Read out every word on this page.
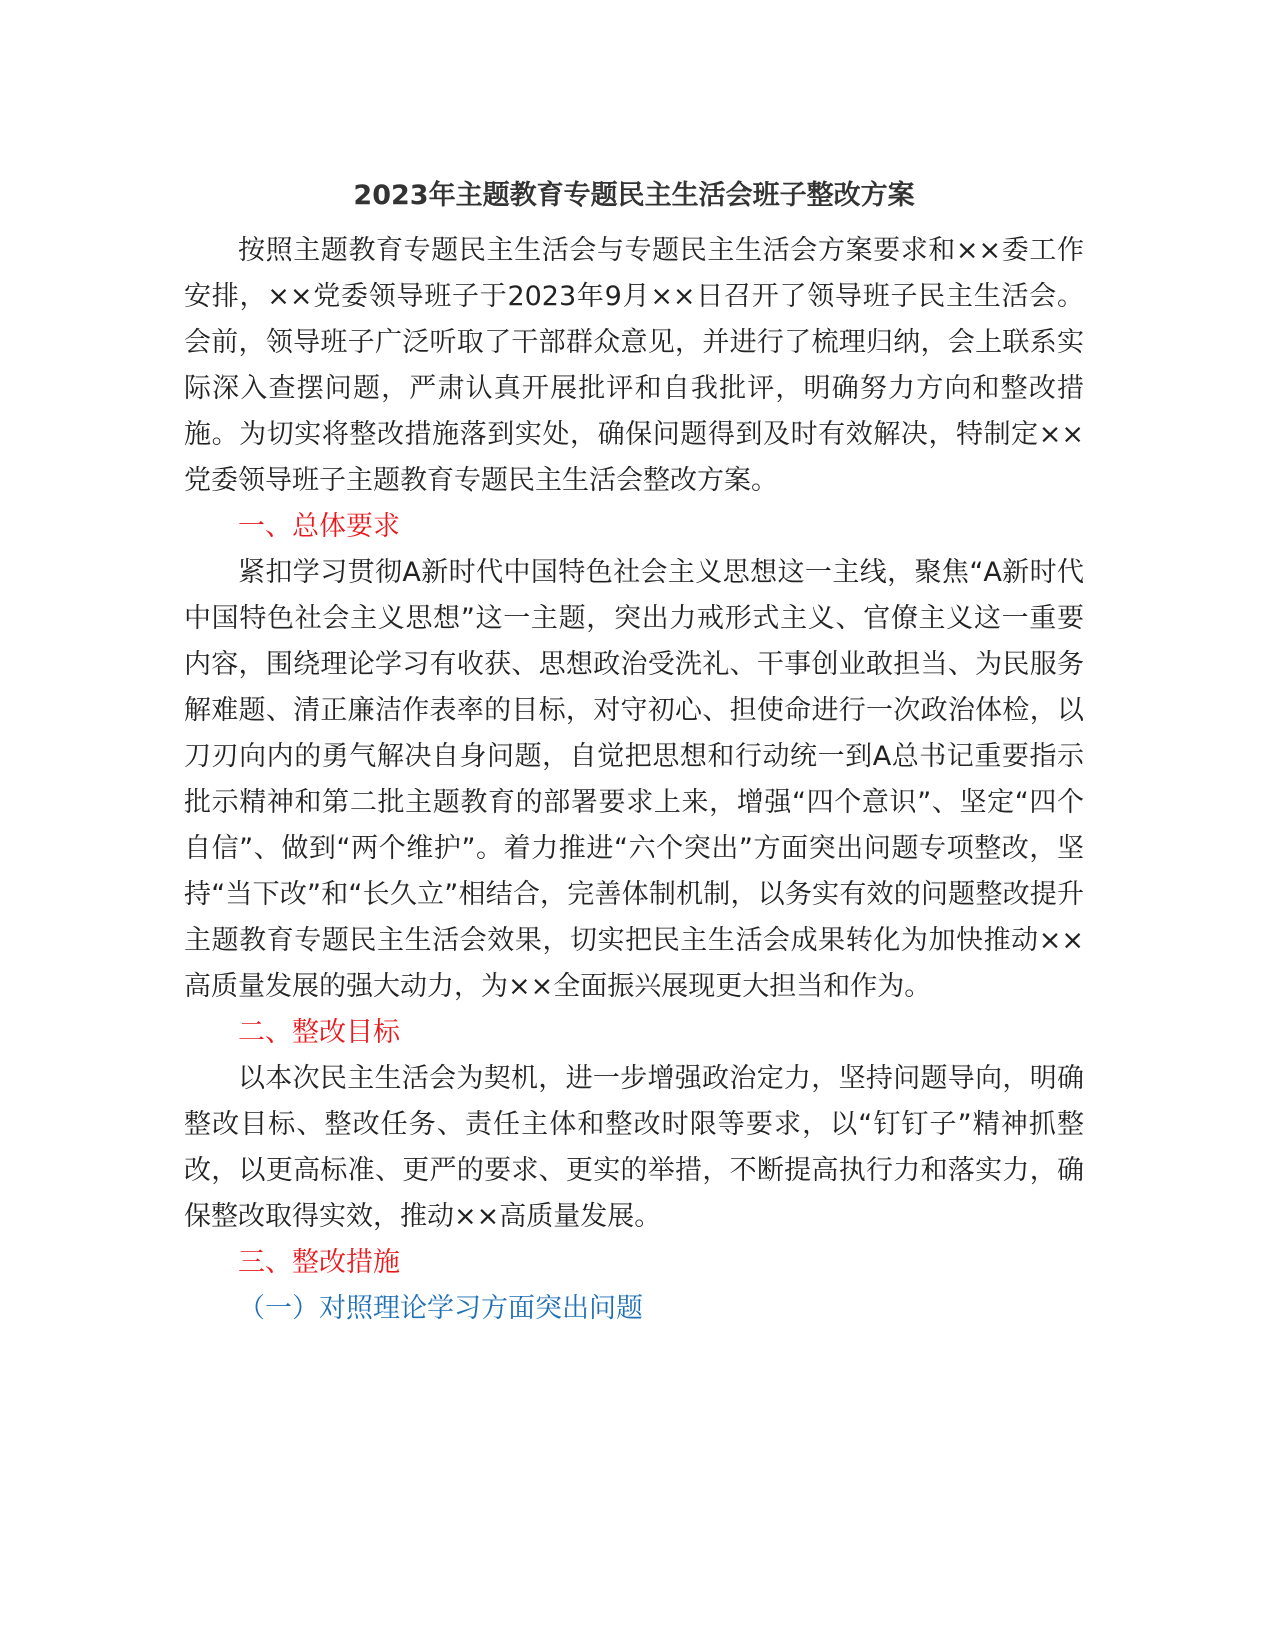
2023年主题教育专题民主生活会班子整改方案

按照主题教育专题民主生活会与专题民主生活会方案要求和××委工作安排，××党委领导班子于2023年9月××日召开了领导班子民主生活会。会前，领导班子广泛听取了干部群众意见，并进行了梳理归纳，会上联系实际深入查摆问题，严肃认真开展批评和自我批评，明确努力方向和整改措施。为切实将整改措施落到实处，确保问题得到及时有效解决，特制定××党委领导班子主题教育专题民主生活会整改方案。

一、总体要求

紧扣学习贯彻A新时代中国特色社会主义思想这一主线，聚焦“A新时代中国特色社会主义思想”这一主题，突出力戒形式主义、官僚主义这一重要内容，围绕理论学习有收获、思想政治受洗礼、干事创业敢担当、为民服务解难题、清正廉洁作表率的目标，对守初心、担使命进行一次政治体检，以刀刃向内的勇气解决自身问题，自觉把思想和行动统一到A总书记重要指示批示精神和第二批主题教育的部署要求上来，增强“四个意识”、坚定“四个自信”、做到“两个维护”。着力推进“六个突出”方面突出问题专项整改，坚持“当下改”和“长久立”相结合，完善体制机制，以务实有效的问题整改提升主题教育专题民主生活会效果，切实把民主生活会成果转化为加快推动××高质量发展的强大动力，为××全面振兴展现更大担当和作为。

二、整改目标

以本次民主生活会为契机，进一步增强政治定力，坚持问题导向，明确整改目标、整改任务、责任主体和整改时限等要求，以“钉钉子”精神抓整改，以更高标准、更严的要求、更实的举措，不断提高执行力和落实力，确保整改取得实效，推动××高质量发展。

三、整改措施
（一）对照理论学习方面突出问题
